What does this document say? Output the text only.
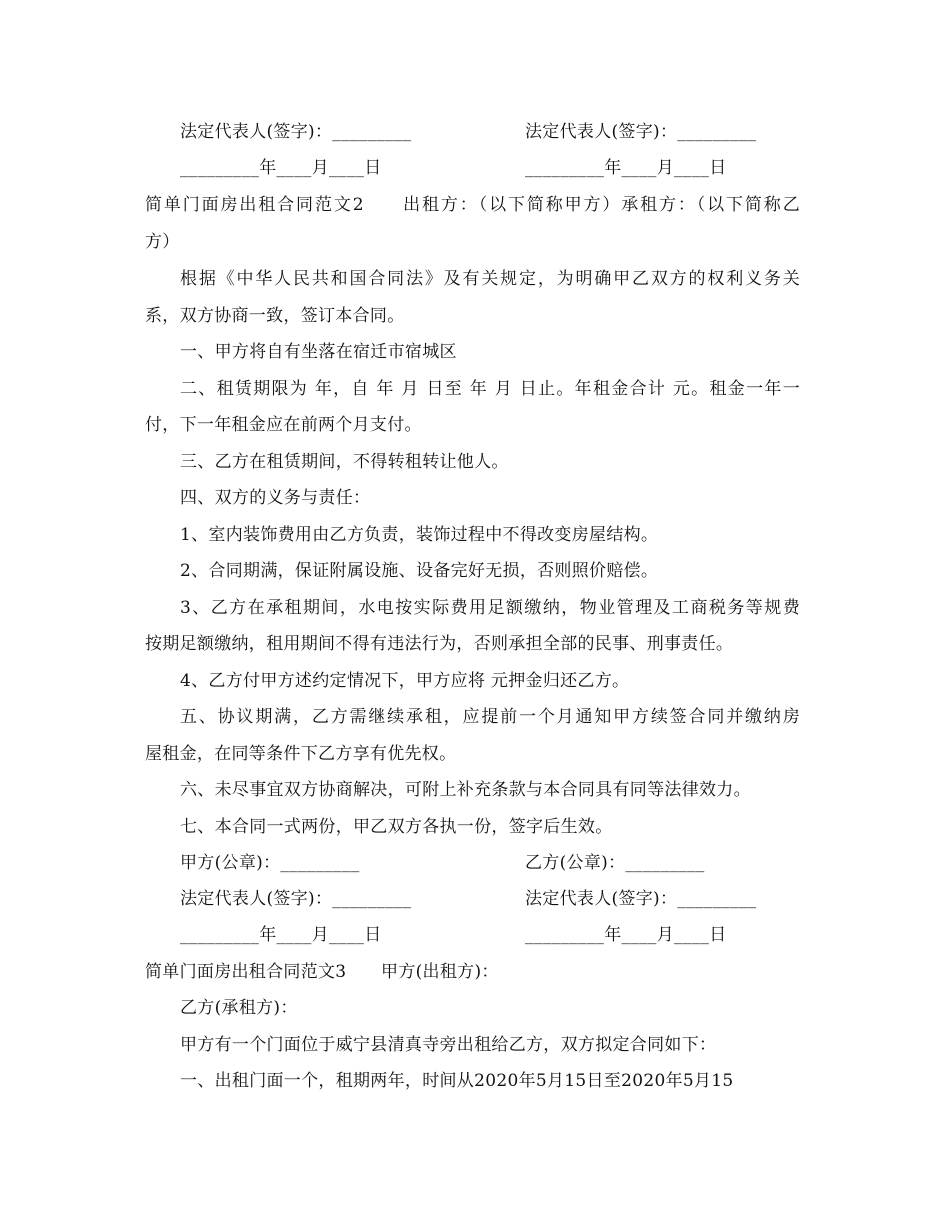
法定代表人(签字)：_________	法定代表人(签字)：_________
_________年____月____日	_________年____月____日
简单门面房出租合同范文2　　出租方：（以下简称甲方）承租方：（以下简称乙
方）
根据《中华人民共和国合同法》及有关规定，为明确甲乙双方的权利义务关
系，双方协商一致，签订本合同。
一、甲方将自有坐落在宿迁市宿城区
二、租赁期限为 年，自 年 月 日至 年 月 日止。年租金合计 元。租金一年一
付，下一年租金应在前两个月支付。
三、乙方在租赁期间，不得转租转让他人。
四、双方的义务与责任：
1、室内装饰费用由乙方负责，装饰过程中不得改变房屋结构。
2、合同期满，保证附属设施、设备完好无损，否则照价赔偿。
3、乙方在承租期间，水电按实际费用足额缴纳，物业管理及工商税务等规费
按期足额缴纳，租用期间不得有违法行为，否则承担全部的民事、刑事责任。
4、乙方付甲方述约定情况下，甲方应将 元押金归还乙方。
五、协议期满，乙方需继续承租，应提前一个月通知甲方续签合同并缴纳房
屋租金，在同等条件下乙方享有优先权。
六、未尽事宜双方协商解决，可附上补充条款与本合同具有同等法律效力。
七、本合同一式两份，甲乙双方各执一份，签字后生效。
甲方(公章)：_________	乙方(公章)：_________
法定代表人(签字)：_________	法定代表人(签字)：_________
_________年____月____日	_________年____月____日
简单门面房出租合同范文3　　甲方(出租方)：
乙方(承租方)：
甲方有一个门面位于威宁县清真寺旁出租给乙方，双方拟定合同如下：
一、出租门面一个，租期两年，时间从2020年5月15日至2020年5月15
